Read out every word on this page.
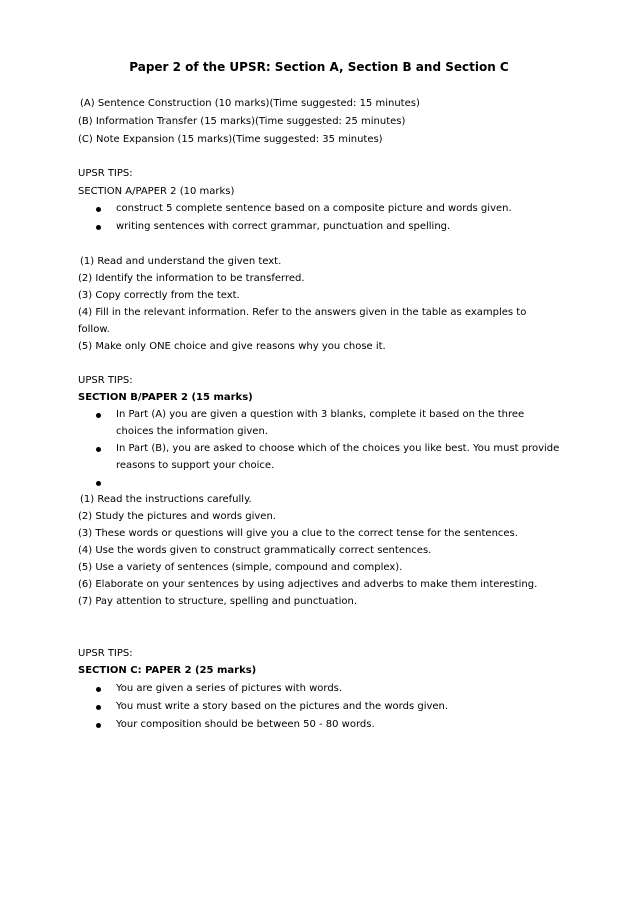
Paper 2 of the UPSR: Section A, Section B and Section C
(A) Sentence Construction (10 marks)(Time suggested: 15 minutes)
(B) Information Transfer (15 marks)(Time suggested: 25 minutes)
(C) Note Expansion (15 marks)(Time suggested: 35 minutes)
UPSR TIPS:
SECTION A/PAPER 2 (10 marks)
construct 5 complete sentence based on a composite picture and words given.
writing sentences with correct grammar, punctuation and spelling.
(1) Read and understand the given text.
(2) Identify the information to be transferred.
(3) Copy correctly from the text.
(4) Fill in the relevant information. Refer to the answers given in the table as examples to
follow.
(5) Make only ONE choice and give reasons why you chose it.
UPSR TIPS:
SECTION B/PAPER 2 (15 marks)
In Part (A) you are given a question with 3 blanks, complete it based on the three
choices the information given.
In Part (B), you are asked to choose which of the choices you like best. You must provide
reasons to support your choice.
(1) Read the instructions carefully.
(2) Study the pictures and words given.
(3) These words or questions will give you a clue to the correct tense for the sentences.
(4) Use the words given to construct grammatically correct sentences.
(5) Use a variety of sentences (simple, compound and complex).
(6) Elaborate on your sentences by using adjectives and adverbs to make them interesting.
(7) Pay attention to structure, spelling and punctuation.
UPSR TIPS:
SECTION C: PAPER 2 (25 marks)
You are given a series of pictures with words.
You must write a story based on the pictures and the words given.
Your composition should be between 50 - 80 words.
